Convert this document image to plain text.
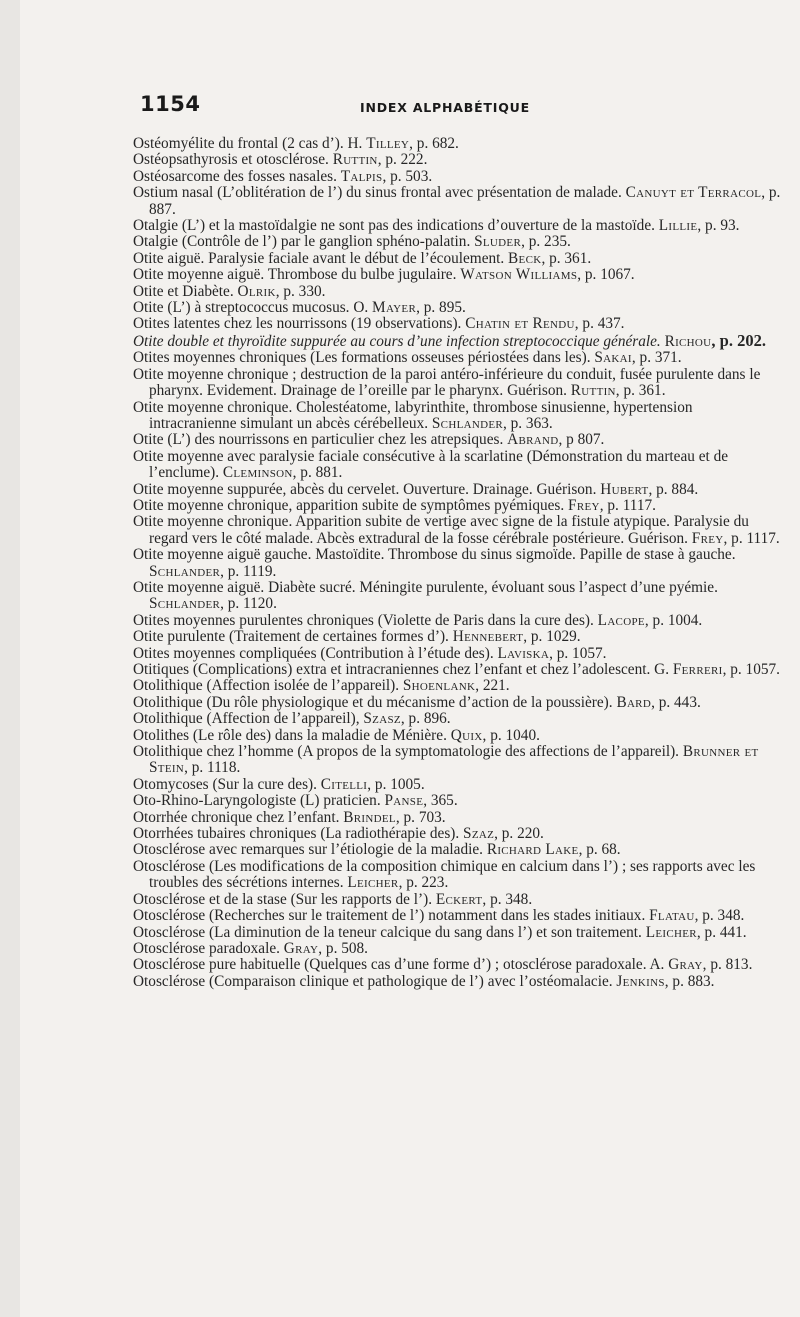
1154	INDEX ALPHABÉTIQUE

Ostéomyélite du frontal (2 cas d’). H. Tilley, p. 682.

Ostéopsathyrosis et otosclérose. Ruttin, p. 222.

Ostéosarcome des fosses nasales. Talpis, p. 503.

Ostium nasal (L’oblitération de l’) du sinus frontal avec présentation de malade. Canuyt et Terracol, p. 887.

Otalgie (L’) et la mastoïdalgie ne sont pas des indications d’ouverture de la mastoïde. Lillie, p. 93.

Otalgie (Contrôle de l’) par le ganglion sphéno-palatin. Sluder, p. 235.

Otite aiguë. Paralysie faciale avant le début de l’écoulement. Beck, p. 361.

Otite moyenne aiguë. Thrombose du bulbe jugulaire. Watson Williams, p. 1067.

Otite et Diabète. Olrik, p. 330.

Otite (L’) à streptococcus mucosus. O. Mayer, p. 895.

Otites latentes chez les nourrissons (19 observations). Chatin et Rendu, p. 437.

Otite double et thyroïdite suppurée au cours d’une infection streptococcique générale. Richou, p. 202.

Otites moyennes chroniques (Les formations osseuses périostées dans les). Sakai, p. 371.

Otite moyenne chronique ; destruction de la paroi antéro-inférieure du conduit, fusée purulente dans le pharynx. Evidement. Drainage de l’oreille par le pharynx. Guérison. Ruttin, p. 361.

Otite moyenne chronique. Cholestéatome, labyrinthite, thrombose sinusienne, hypertension intracranienne simulant un abcès cérébelleux. Schlander, p. 363.

Otite (L’) des nourrissons en particulier chez les atrepsiques. Abrand, p 807.

Otite moyenne avec paralysie faciale consécutive à la scarlatine (Démonstration du marteau et de l’enclume). Cleminson, p. 881.

Otite moyenne suppurée, abcès du cervelet. Ouverture. Drainage. Guérison. Hubert, p. 884.

Otite moyenne chronique, apparition subite de symptômes pyémiques. Frey, p. 1117.

Otite moyenne chronique. Apparition subite de vertige avec signe de la fistule atypique. Paralysie du regard vers le côté malade. Abcès extradural de la fosse cérébrale postérieure. Guérison. Frey, p. 1117.

Otite moyenne aiguë gauche. Mastoïdite. Thrombose du sinus sigmoïde. Papille de stase à gauche. Schlander, p. 1119.

Otite moyenne aiguë. Diabète sucré. Méningite purulente, évoluant sous l’aspect d’une pyémie. Schlander, p. 1120.

Otites moyennes purulentes chroniques (Violette de Paris dans la cure des). Lacope, p. 1004.

Otite purulente (Traitement de certaines formes d’). Hennebert, p. 1029.

Otites moyennes compliquées (Contribution à l’étude des). Laviska, p. 1057.

Otitiques (Complications) extra et intracraniennes chez l’enfant et chez l’adolescent. G. Ferreri, p. 1057.

Otolithique (Affection isolée de l’appareil). Shoenlank, 221.

Otolithique (Du rôle physiologique et du mécanisme d’action de la poussière). Bard, p. 443.

Otolithique (Affection de l’appareil), Szasz, p. 896.

Otolithes (Le rôle des) dans la maladie de Ménière. Quix, p. 1040.

Otolithique chez l’homme (A propos de la symptomatologie des affections de l’appareil). Brunner et Stein, p. 1118.

Otomycoses (Sur la cure des). Citelli, p. 1005.

Oto-Rhino-Laryngologiste (L) praticien. Panse, 365.

Otorrhée chronique chez l’enfant. Brindel, p. 703.

Otorrhées tubaires chroniques (La radiothérapie des). Szaz, p. 220.

Otosclérose avec remarques sur l’étiologie de la maladie. Richard Lake, p. 68.

Otosclérose (Les modifications de la composition chimique en calcium dans l’) ; ses rapports avec les troubles des sécrétions internes. Leicher, p. 223.

Otosclérose et de la stase (Sur les rapports de l’). Eckert, p. 348.

Otosclérose (Recherches sur le traitement de l’) notamment dans les stades initiaux. Flatau, p. 348.

Otosclérose (La diminution de la teneur calcique du sang dans l’) et son traitement. Leicher, p. 441.

Otosclérose paradoxale. Gray, p. 508.

Otosclérose pure habituelle (Quelques cas d’une forme d’) ; otosclérose paradoxale. A. Gray, p. 813.

Otosclérose (Comparaison clinique et pathologique de l’) avec l’ostéomalacie. Jenkins, p. 883.
